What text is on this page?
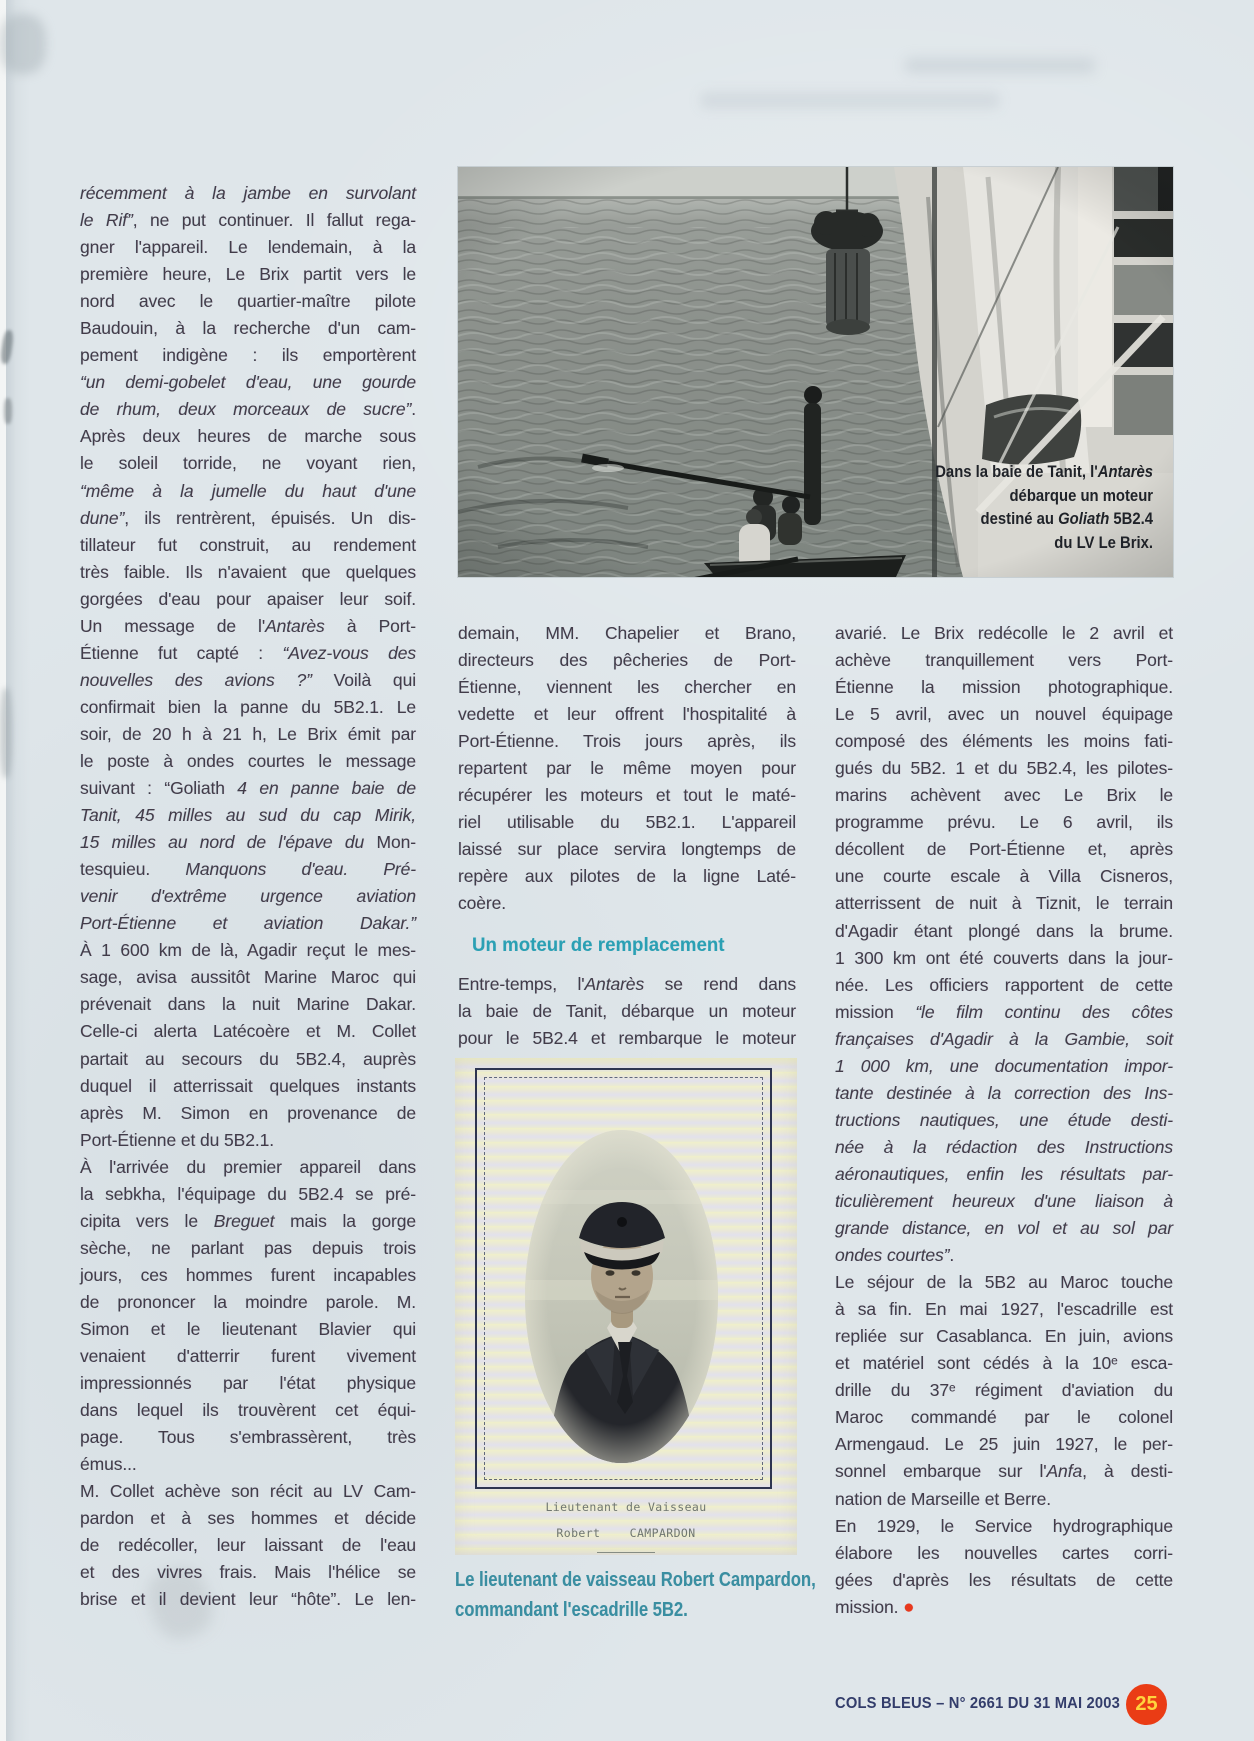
Dans la baie de Tanit, l'Antarès
débarque un moteur
destiné au Goliath 5B2.4
du LV Le Brix.
récemment à la jambe en survolant
le Rif”, ne put continuer. Il fallut rega-
gner l'appareil. Le lendemain, à la
première heure, Le Brix partit vers le
nord avec le quartier-maître pilote
Baudouin, à la recherche d'un cam-
pement indigène : ils emportèrent
“un demi-gobelet d'eau, une gourde
de rhum, deux morceaux de sucre”.
Après deux heures de marche sous
le soleil torride, ne voyant rien,
“même à la jumelle du haut d'une
dune”, ils rentrèrent, épuisés. Un dis-
tillateur fut construit, au rendement
très faible. Ils n'avaient que quelques
gorgées d'eau pour apaiser leur soif.
Un message de l'Antarès à Port-
Étienne fut capté : “Avez-vous des
nouvelles des avions ?” Voilà qui
confirmait bien la panne du 5B2.1. Le
soir, de 20 h à 21 h, Le Brix émit par
le poste à ondes courtes le message
suivant : “Goliath 4 en panne baie de
Tanit, 45 milles au sud du cap Mirik,
15 milles au nord de l'épave du Mon-
tesquieu. Manquons d'eau. Pré-
venir d'extrême urgence aviation
Port-Étienne et aviation Dakar.”
À 1 600 km de là, Agadir reçut le mes-
sage, avisa aussitôt Marine Maroc qui
prévenait dans la nuit Marine Dakar.
Celle-ci alerta Latécoère et M. Collet
partait au secours du 5B2.4, auprès
duquel il atterrissait quelques instants
après M. Simon en provenance de
Port-Étienne et du 5B2.1.
À l'arrivée du premier appareil dans
la sebkha, l'équipage du 5B2.4 se pré-
cipita vers le Breguet mais la gorge
sèche, ne parlant pas depuis trois
jours, ces hommes furent incapables
de prononcer la moindre parole. M.
Simon et le lieutenant Blavier qui
venaient d'atterrir furent vivement
impressionnés par l'état physique
dans lequel ils trouvèrent cet équi-
page. Tous s'embrassèrent, très
émus...
M. Collet achève son récit au LV Cam-
pardon et à ses hommes et décide
de redécoller, leur laissant de l'eau
et des vivres frais. Mais l'hélice se
brise et il devient leur “hôte”. Le len-
demain, MM. Chapelier et Brano,
directeurs des pêcheries de Port-
Étienne, viennent les chercher en
vedette et leur offrent l'hospitalité à
Port-Étienne. Trois jours après, ils
repartent par le même moyen pour
récupérer les moteurs et tout le maté-
riel utilisable du 5B2.1. L'appareil
laissé sur place servira longtemps de
repère aux pilotes de la ligne Laté-
coère.
Un moteur de remplacement
Entre-temps, l'Antarès se rend dans
la baie de Tanit, débarque un moteur
pour le 5B2.4 et rembarque le moteur
avarié. Le Brix redécolle le 2 avril et
achève tranquillement vers Port-
Étienne la mission photographique.
Le 5 avril, avec un nouvel équipage
composé des éléments les moins fati-
gués du 5B2. 1 et du 5B2.4, les pilotes-
marins achèvent avec Le Brix le
programme prévu. Le 6 avril, ils
décollent de Port-Étienne et, après
une courte escale à Villa Cisneros,
atterrissent de nuit à Tiznit, le terrain
d'Agadir étant plongé dans la brume.
1 300 km ont été couverts dans la jour-
née. Les officiers rapportent de cette
mission “le film continu des côtes
françaises d'Agadir à la Gambie, soit
1 000 km, une documentation impor-
tante destinée à la correction des Ins-
tructions nautiques, une étude desti-
née à la rédaction des Instructions
aéronautiques, enfin les résultats par-
ticulièrement heureux d'une liaison à
grande distance, en vol et au sol par
ondes courtes”.
Le séjour de la 5B2 au Maroc touche
à sa fin. En mai 1927, l'escadrille est
repliée sur Casablanca. En juin, avions
et matériel sont cédés à la 10ᵉ esca-
drille du 37ᵉ régiment d'aviation du
Maroc commandé par le colonel
Armengaud. Le 25 juin 1927, le per-
sonnel embarque sur l'Anfa, à desti-
nation de Marseille et Berre.
En 1929, le Service hydrographique
élabore les nouvelles cartes corri-
gées d'après les résultats de cette
mission. ●
Lieutenant de Vaisseau
Robert    CAMPARDON
Le lieutenant de vaisseau Robert Campardon,
commandant l'escadrille 5B2.
COLS BLEUS – N° 2661 DU 31 MAI 2003 25
